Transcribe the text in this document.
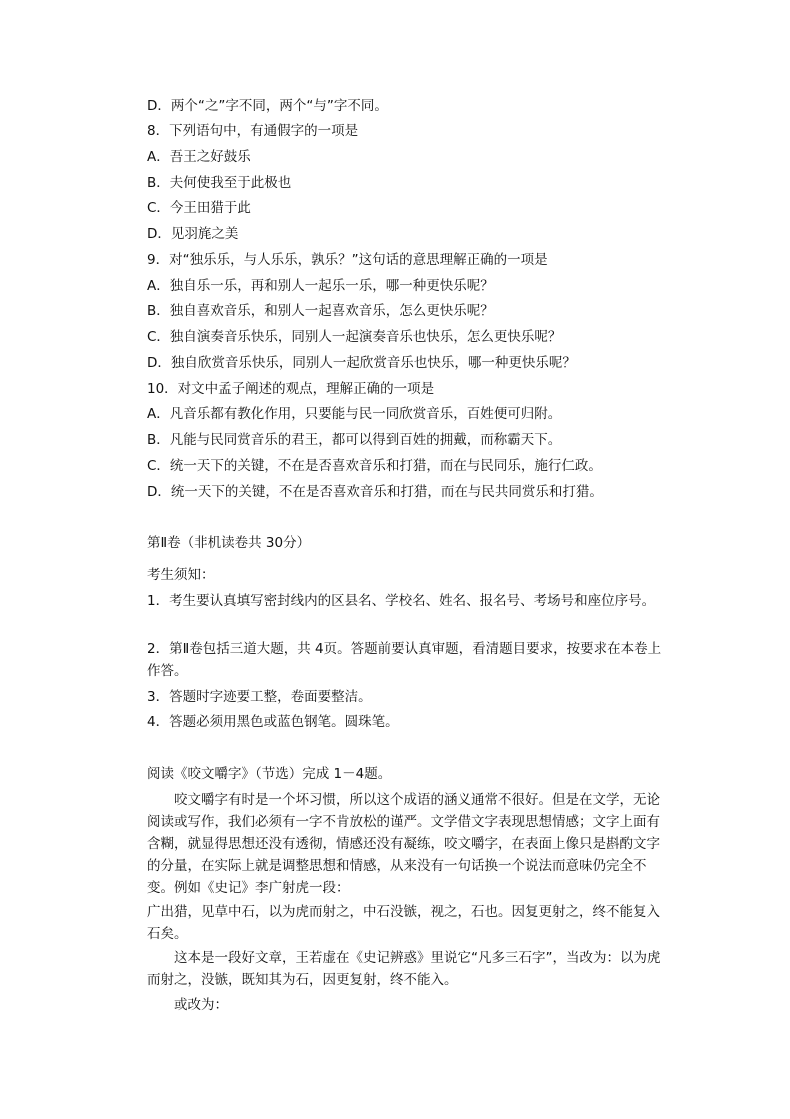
D．两个“之”字不同，两个“与”字不同。
8．下列语句中，有通假字的一项是
A．吾王之好鼓乐
B．夫何使我至于此极也
C．今王田猎于此
D．见羽旄之美
9．对“独乐乐，与人乐乐，孰乐？”这句话的意思理解正确的一项是
A．独自乐一乐，再和别人一起乐一乐，哪一种更快乐呢？
B．独自喜欢音乐，和别人一起喜欢音乐，怎么更快乐呢？
C．独自演奏音乐快乐，同别人一起演奏音乐也快乐，怎么更快乐呢？
D．独自欣赏音乐快乐，同别人一起欣赏音乐也快乐，哪一种更快乐呢？
10．对文中孟子阐述的观点，理解正确的一项是
A．凡音乐都有教化作用，只要能与民一同欣赏音乐，百姓便可归附。
B．凡能与民同赏音乐的君王，都可以得到百姓的拥戴，而称霸天下。
C．统一天下的关键，不在是否喜欢音乐和打猎，而在与民同乐，施行仁政。
D．统一天下的关键，不在是否喜欢音乐和打猎，而在与民共同赏乐和打猎。
第Ⅱ卷（非机读卷共 30分）
考生须知：
1．考生要认真填写密封线内的区县名、学校名、姓名、报名号、考场号和座位序号。
2．第Ⅱ卷包括三道大题，共 4页。答题前要认真审题，看清题目要求，按要求在本卷上作答。
3．答题时字迹要工整，卷面要整洁。
4．答题必须用黑色或蓝色钢笔。圆珠笔。
阅读《咬文嚼字》（节选）完成 1－4题。
咬文嚼字有时是一个坏习惯，所以这个成语的涵义通常不很好。但是在文学，无论阅读或写作，我们必须有一字不肯放松的谨严。文学借文字表现思想情感；文字上面有含糊，就显得思想还没有透彻，情感还没有凝练，咬文嚼字，在表面上像只是斟酌文字的分量，在实际上就是调整思想和情感，从来没有一句话换一个说法而意味仍完全不变。例如《史记》李广射虎一段：
广出猎，见草中石，以为虎而射之，中石没镞，视之，石也。因复更射之，终不能复入石矣。
这本是一段好文章，王若虚在《史记辨惑》里说它“凡多三石字”，当改为：以为虎而射之，没镞，既知其为石，因更复射，终不能入。
或改为：
